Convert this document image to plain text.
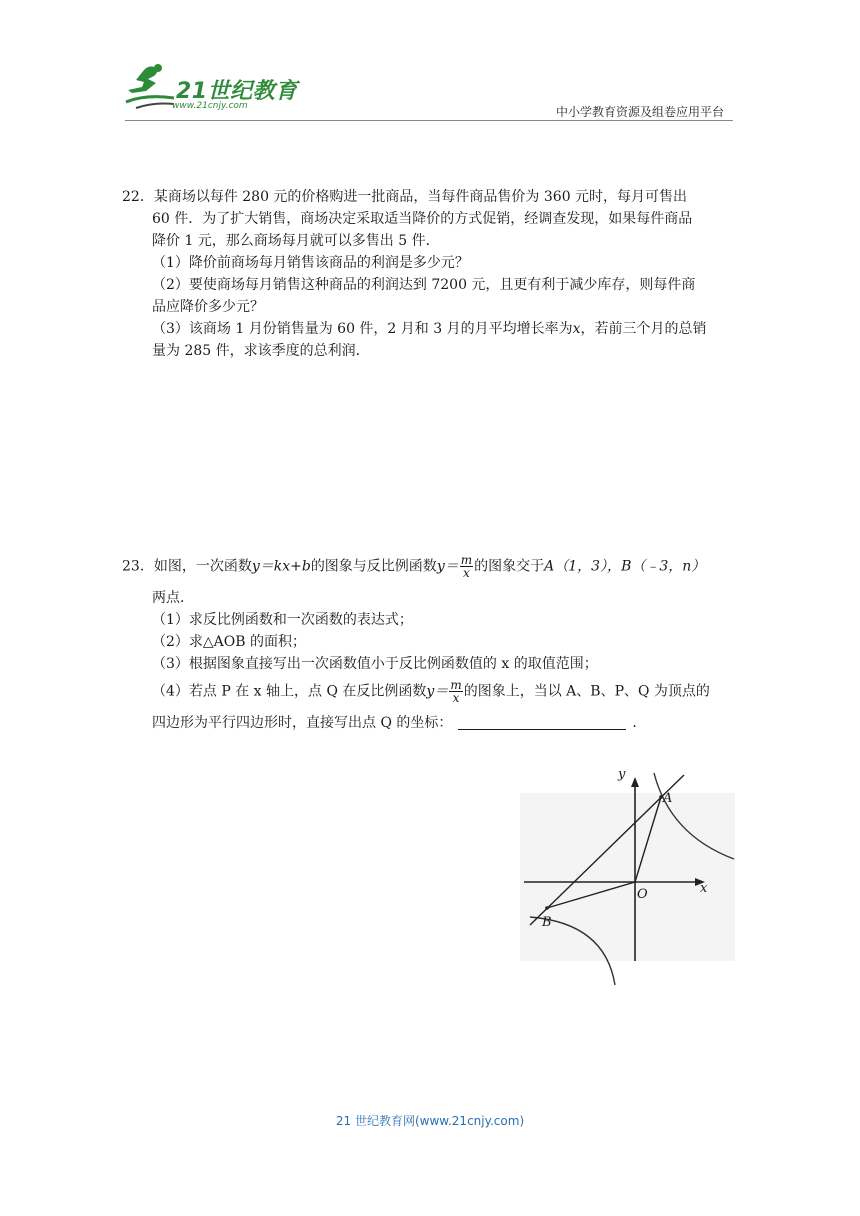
21世纪教育
www.21cnjy.com	中小学教育资源及组卷应用平台

22．某商场以每件 280 元的价格购进一批商品，当每件商品售价为 360 元时，每月可售出

60 件．为了扩大销售，商场决定采取适当降价的方式促销，经调查发现，如果每件商品

降价 1 元，那么商场每月就可以多售出 5 件．

（1）降价前商场每月销售该商品的利润是多少元？

（2）要使商场每月销售这种商品的利润达到 7200 元，且更有利于减少库存，则每件商

品应降价多少元？

（3）该商场 1 月份销售量为 60 件，2 月和 3 月的月平均增长率为x，若前三个月的总销

量为 285 件，求该季度的总利润．

23．如图，一次函数y＝kx+b的图象与反比例函数$y= \frac{m}{x}$ 的图象交于A（1，3），B（﹣3，n）

两点．

（1）求反比例函数和一次函数的表达式；

（2）求△AOB 的面积；

（3）根据图象直接写出一次函数值小于反比例函数值的 x 的取值范围；

（4）若点 P 在 x 轴上，点 Q 在反比例函数$y= \frac{m}{x}$ 的图象上，当以 A、B、P、Q 为顶点的

四边形为平行四边形时，直接写出点 Q 的坐标：	．

y
x
O
A
B
21 世纪教育网(www.21cnjy.com)
